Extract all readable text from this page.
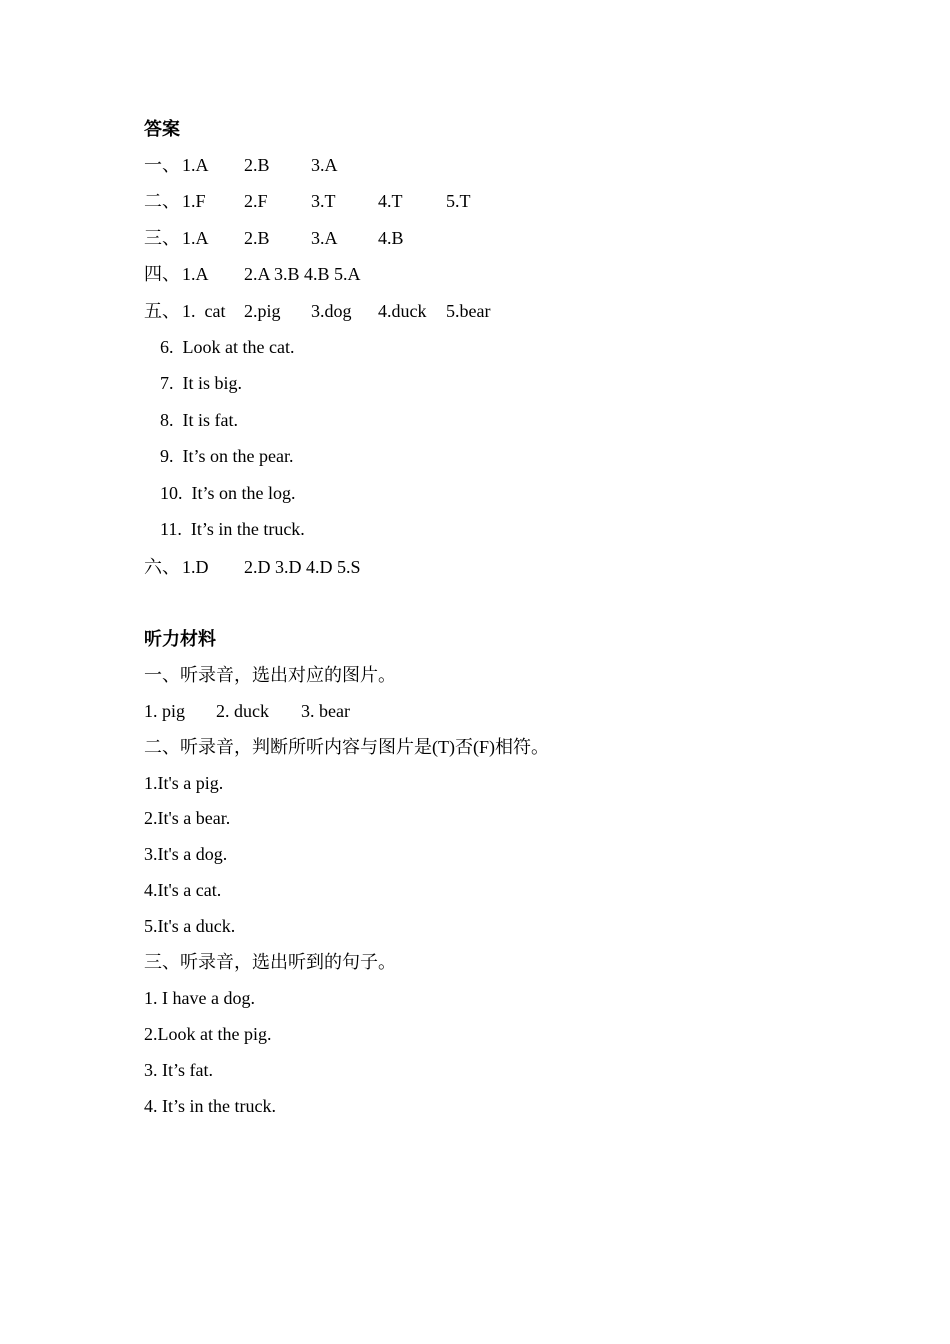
答案
一、 1.A	2.B	3.A
二、 1.F	2.F	3.T	4.T	5.T
三、 1.A	2.B	3.A	4.B
四、 1.A	2.A 3.B 4.B 5.A
五、 1.  cat	2.pig	3.dog	4.duck	5.bear
6.  Look at the cat.
7.  It is big.
8.  It is fat.
9.  It’s on the pear.
10.  It’s on the log.
11.  It’s in the truck.
六、 1.D	2.D 3.D 4.D 5.S
听力材料
一、听录音，选出对应的图片。
1. pig	2. duck	3. bear
二、听录音，判断所听内容与图片是(T)否(F)相符。
1.It's a pig.
2.It's a bear.
3.It's a dog.
4.It's a cat.
5.It's a duck.
三、听录音，选出听到的句子。
1. I have a dog.
2.Look at the pig.
3. It’s fat.
4. It’s in the truck.
